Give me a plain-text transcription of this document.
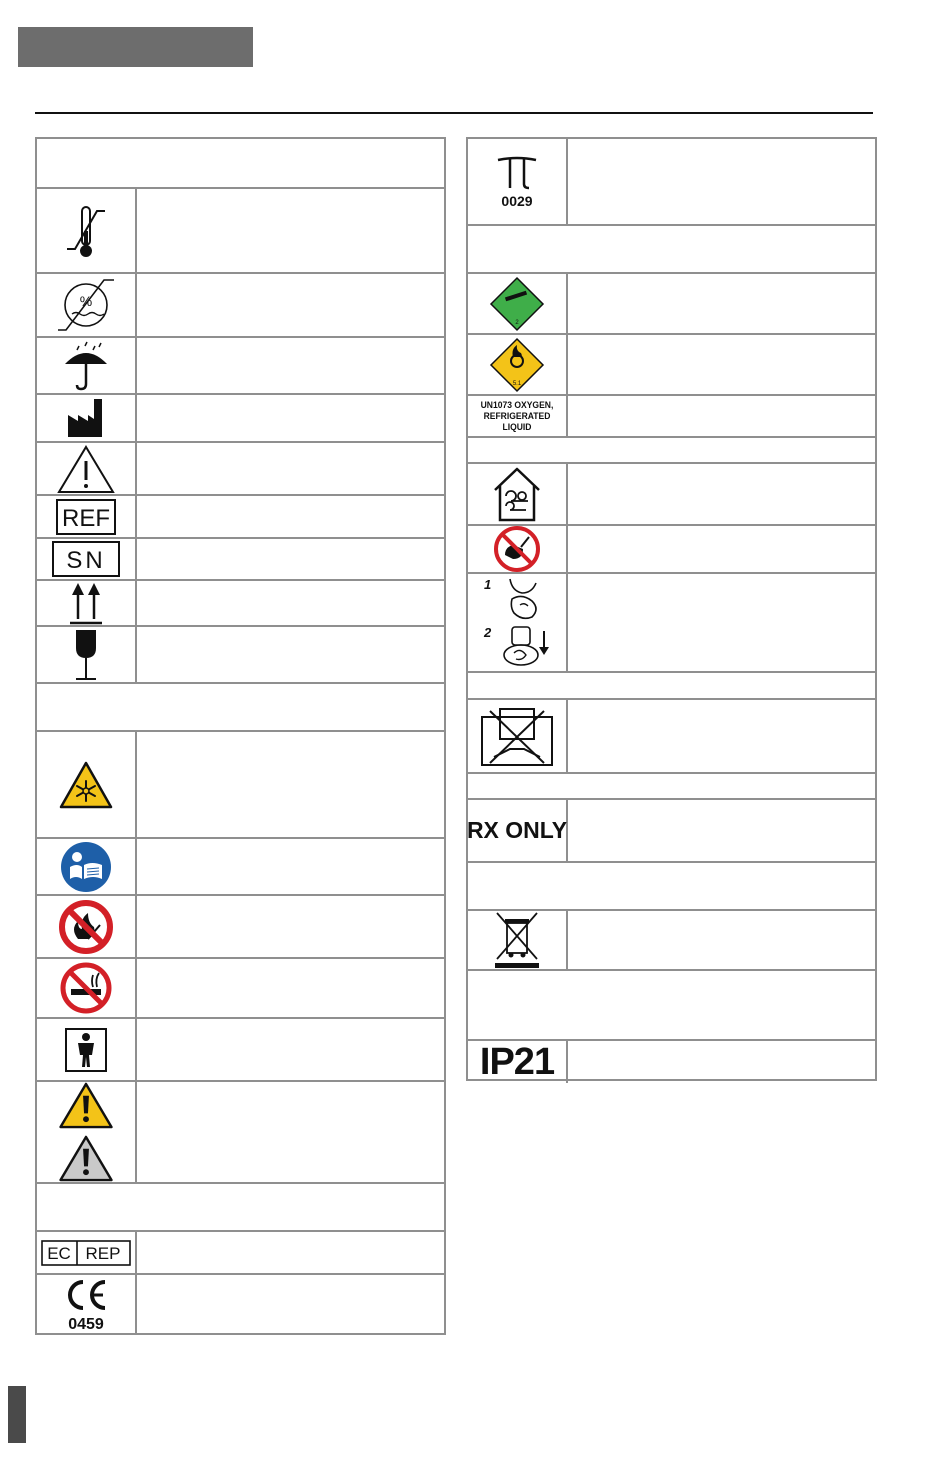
%
REF
SN
EC REP
0459
0029
2
5.1
UN1073 OXYGEN, REFRIGERATED LIQUID
1
2
RX ONLY
IP21
